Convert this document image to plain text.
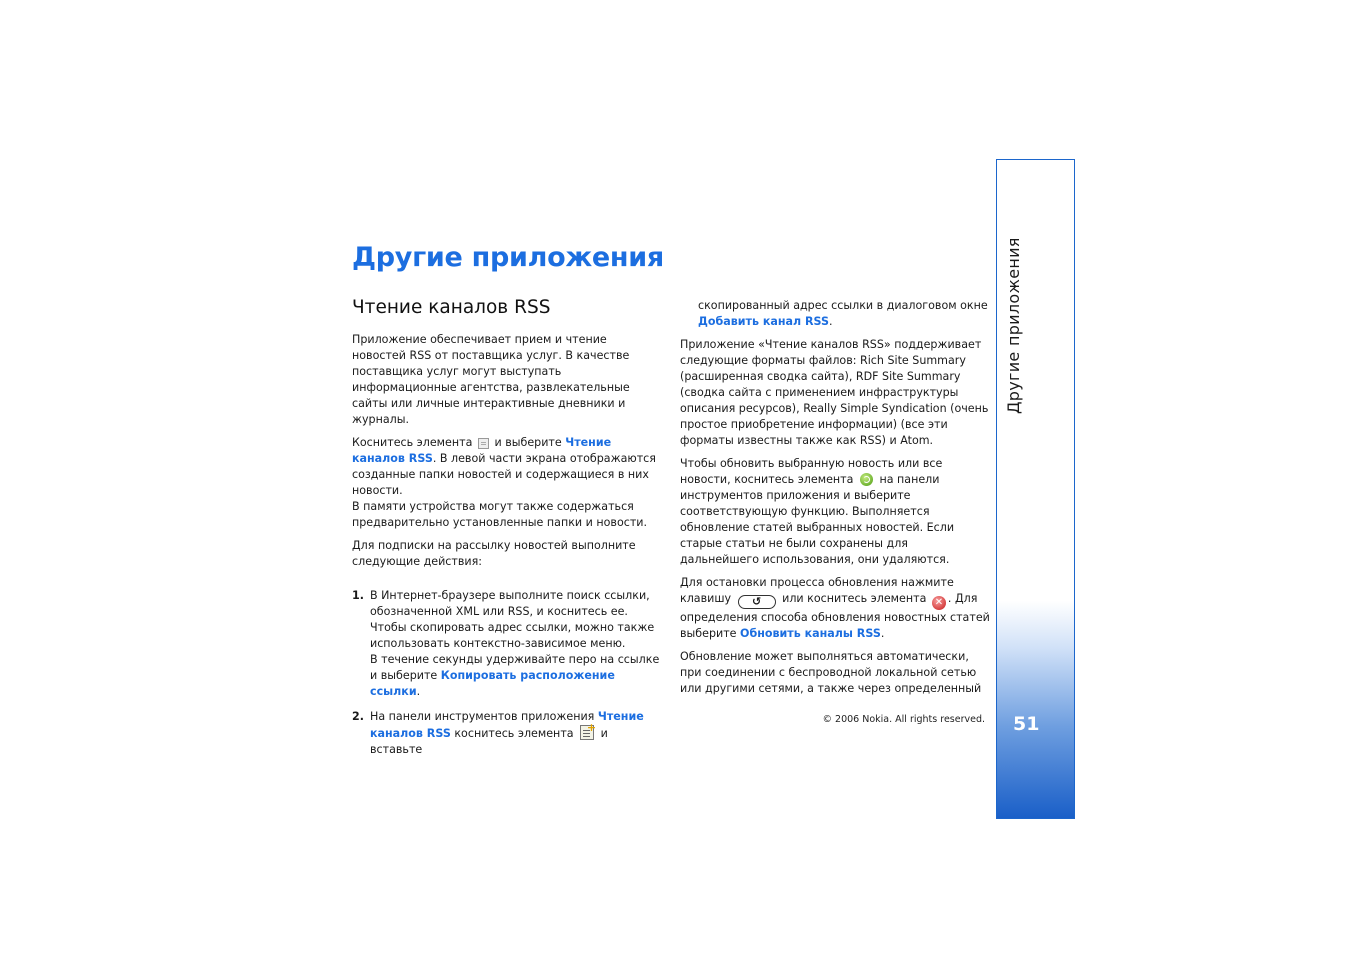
Другие приложения
Чтение каналов RSS

Приложение обеспечивает прием и чтение новостей RSS от поставщика услуг. В качестве поставщика услуг могут выступать информационные агентства, развлекательные сайты или личные интерактивные дневники и журналы.

Коснитесь элемента и выберите Чтение каналов RSS. В левой части экрана отображаются созданные папки новостей и содержащиеся в них новости.
В памяти устройства могут также содержаться предварительно установленные папки и новости.

Для подписки на рассылку новостей выполните следующие действия:

1. В Интернет-браузере выполните поиск ссылки, обозначенной XML или RSS, и коснитесь ее. Чтобы скопировать адрес ссылки, можно также использовать контекстно-зависимое меню.
В течение секунды удерживайте перо на ссылке и выберите Копировать расположение ссылки.
2. На панели инструментов приложения Чтение каналов RSS коснитесь элемента + и вставьте

скопированный адрес ссылки в диалоговом окне Добавить канал RSS.

Приложение «Чтение каналов RSS» поддерживает следующие форматы файлов: Rich Site Summary (расширенная сводка сайта), RDF Site Summary (сводка сайта с применением инфраструктуры описания ресурсов), Really Simple Syndication (очень простое приобретение информации) (все эти форматы известны также как RSS) и Atom.

Чтобы обновить выбранную новость или все новости, коснитесь элемента на панели инструментов приложения и выберите соответствующую функцию. Выполняется обновление статей выбранных новостей. Если старые статьи не были сохранены для дальнейшего использования, они удаляются.

Для остановки процесса обновления нажмите клавишу ↺ или коснитесь элемента ✕ . Для определения способа обновления новостных статей выберите Обновить каналы RSS.

Обновление может выполняться автоматически, при соединении с беспроводной локальной сетью или другими сетями, а также через определенный

© 2006 Nokia. All rights reserved.
Другие приложения
51
